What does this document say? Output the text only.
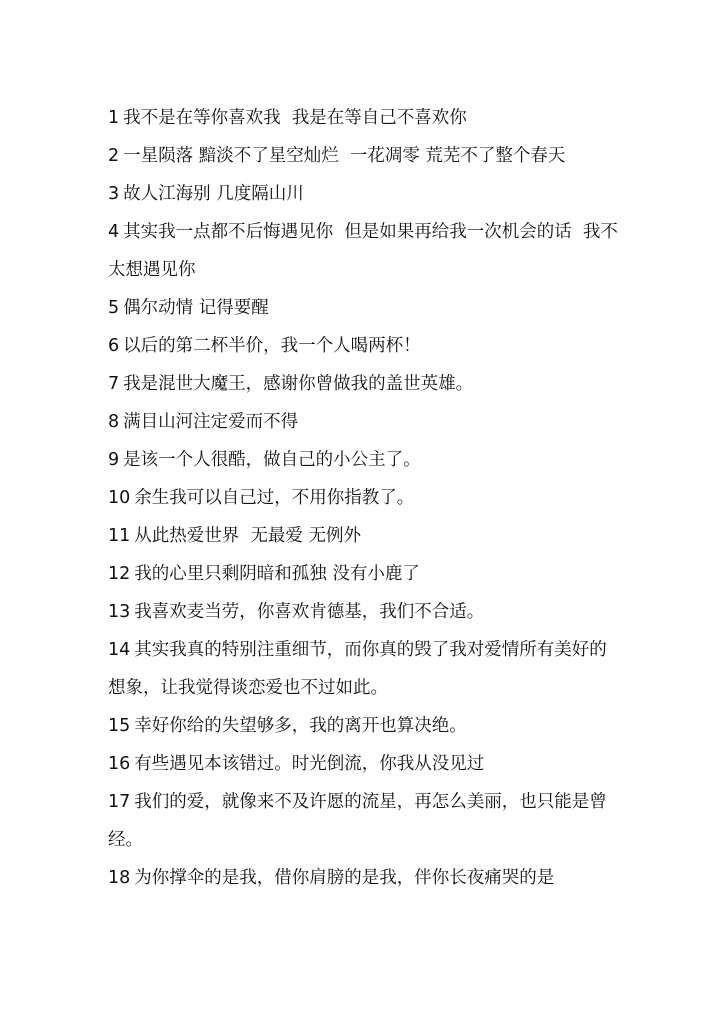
1 我不是在等你喜欢我  我是在等自己不喜欢你

2 一星陨落 黯淡不了星空灿烂  一花凋零 荒芜不了整个春天

3 故人江海别 几度隔山川

4 其实我一点都不后悔遇见你  但是如果再给我一次机会的话  我不太想遇见你

5 偶尔动情 记得要醒

6 以后的第二杯半价，我一个人喝两杯！

7 我是混世大魔王，感谢你曾做我的盖世英雄。

8 满目山河注定爱而不得

9 是该一个人很酷，做自己的小公主了。

10 余生我可以自己过，不用你指教了。

11 从此热爱世界  无最爱 无例外

12 我的心里只剩阴暗和孤独 没有小鹿了

13 我喜欢麦当劳，你喜欢肯德基，我们不合适。

14 其实我真的特别注重细节，而你真的毁了我对爱情所有美好的想象，让我觉得谈恋爱也不过如此。

15 幸好你给的失望够多，我的离开也算决绝。

16 有些遇见本该错过。时光倒流，你我从没见过

17 我们的爱，就像来不及许愿的流星，再怎么美丽，也只能是曾经。

18 为你撑伞的是我，借你肩膀的是我，伴你长夜痛哭的是
